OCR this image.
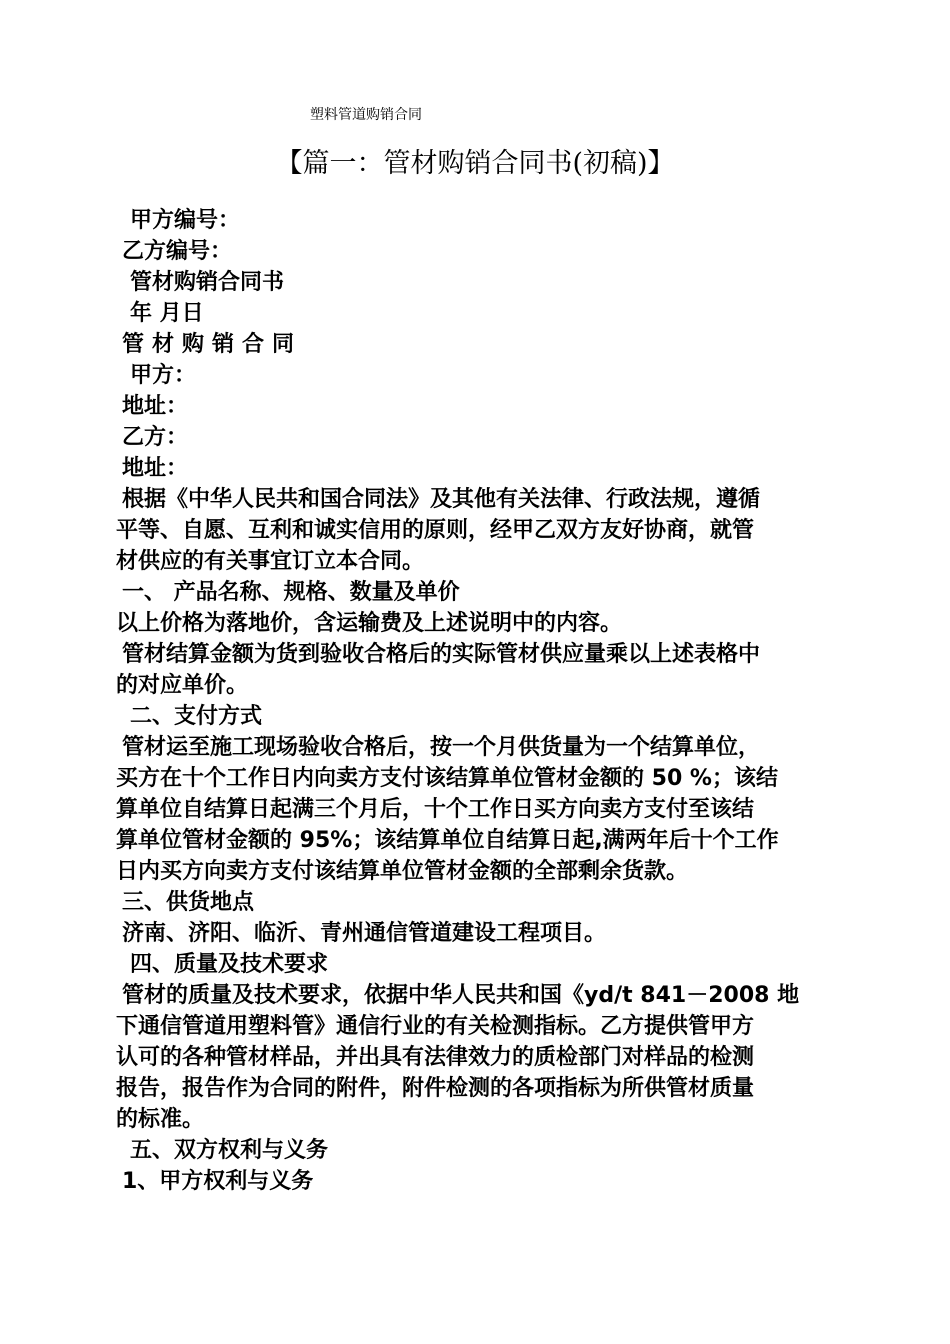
塑料管道购销合同
【篇一：管材购销合同书(初稿)】
甲方编号：
乙方编号：
管材购销合同书
年 月日
管材购销合同
甲方：
地址：
乙方：
地址：
根据《中华人民共和国合同法》及其他有关法律、行政法规，遵循
平等、自愿、互利和诚实信用的原则，经甲乙双方友好协商，就管
材供应的有关事宜订立本合同。
一、 产品名称、规格、数量及单价
以上价格为落地价，含运输费及上述说明中的内容。
管材结算金额为货到验收合格后的实际管材供应量乘以上述表格中
的对应单价。
二、支付方式
管材运至施工现场验收合格后，按一个月供货量为一个结算单位，
买方在十个工作日内向卖方支付该结算单位管材金额的 50 %；该结
算单位自结算日起满三个月后，十个工作日买方向卖方支付至该结
算单位管材金额的 95%；该结算单位自结算日起,满两年后十个工作
日内买方向卖方支付该结算单位管材金额的全部剩余货款。
三、供货地点
济南、济阳、临沂、青州通信管道建设工程项目。
四、质量及技术要求
管材的质量及技术要求，依据中华人民共和国《yd/t 841－2008 地
下通信管道用塑料管》通信行业的有关检测指标。乙方提供管甲方
认可的各种管材样品，并出具有法律效力的质检部门对样品的检测
报告，报告作为合同的附件，附件检测的各项指标为所供管材质量
的标准。
五、双方权利与义务
1、甲方权利与义务
